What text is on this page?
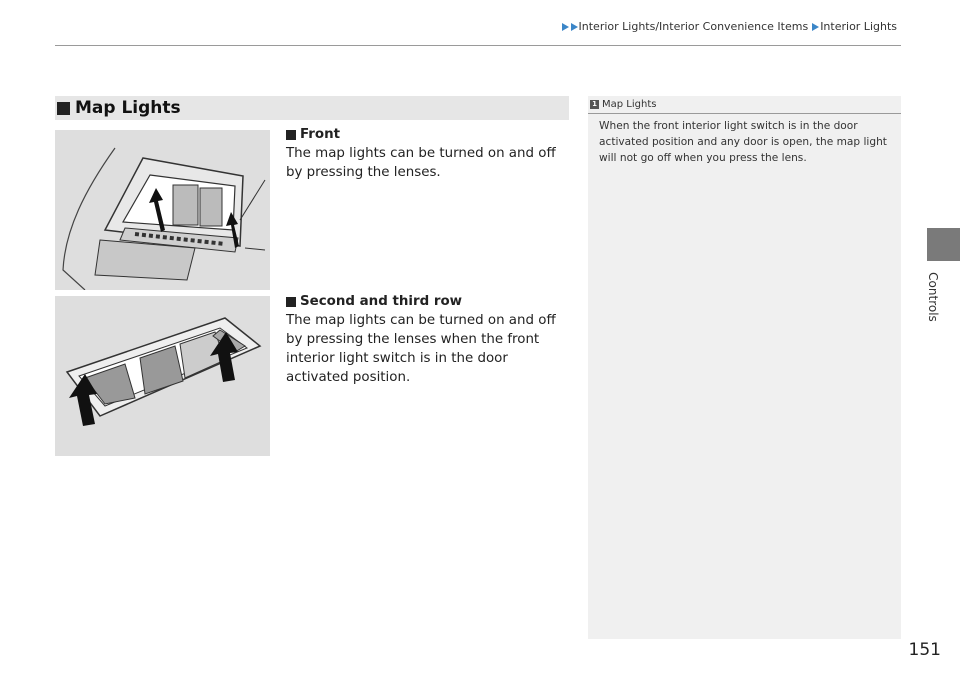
Interior Lights/Interior Convenience Items Interior Lights
Map Lights
Front
The map lights can be turned on and off by pressing the lenses.
Second and third row
The map lights can be turned on and off by pressing the lenses when the front interior light switch is in the door activated position.
1 Map Lights
When the front interior light switch is in the door activated position and any door is open, the map light will not go off when you press the lens.
Controls
151
